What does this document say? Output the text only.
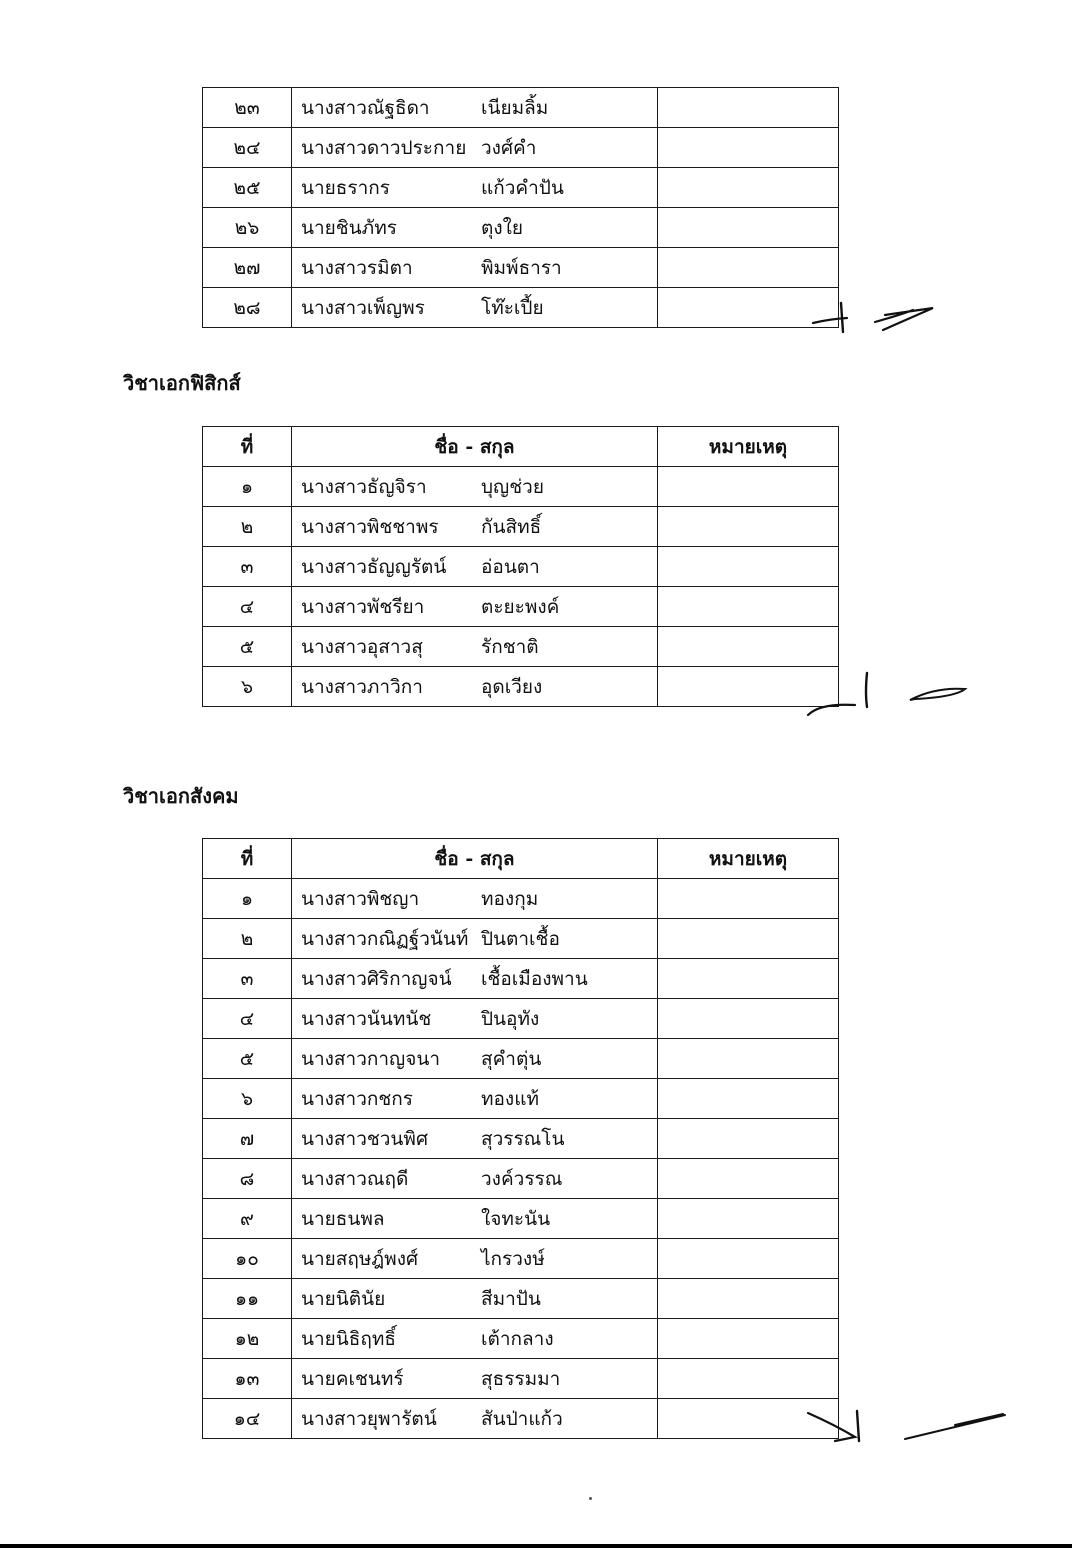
๒๓	นางสาวณัฐธิดา เนียมลิ้ม	

๒๔	นางสาวดาวประกาย วงศ์คำ	

๒๕	นายธรากร แก้วคำปัน	

๒๖	นายชินภัทร ตุงใย	

๒๗	นางสาวรมิตา พิมพ์ธารา	

๒๘	นางสาวเพ็ญพร โท๊ะเปี้ย	

วิชาเอกฟิสิกส์
ที่	ชื่อ - สกุล	หมายเหตุ
๑	นางสาวธัญจิรา บุญช่วย	

๒	นางสาวพิชชาพร กันสิทธิ์	

๓	นางสาวธัญญรัตน์ อ่อนตา	

๔	นางสาวพัชรียา ตะยะพงค์	

๕	นางสาวอุสาวสุ รักชาติ	

๖	นางสาวภาวิกา อุดเวียง	

วิชาเอกสังคม
ที่	ชื่อ - สกุล	หมายเหตุ
๑	นางสาวพิชญา ทองกุม	

๒	นางสาวกณิฏฐ์วนันท์ ปินตาเชื้อ	

๓	นางสาวศิริกาญจน์ เชื้อเมืองพาน	

๔	นางสาวนันทนัช ปินอุทัง	

๕	นางสาวกาญจนา สุคำตุ่น	

๖	นางสาวกชกร ทองแท้	

๗	นางสาวชวนพิศ สุวรรณโน	

๘	นางสาวณฤดี วงค์วรรณ	

๙	นายธนพล ใจทะนัน	

๑๐	นายสฤษฎ์พงศ์ ไกรวงษ์	

๑๑	นายนิตินัย สีมาปัน	

๑๒	นายนิธิฤทธิ์ เต้ากลาง	

๑๓	นายคเชนทร์ สุธรรมมา	

๑๔	นางสาวยุพารัตน์ สันป่าแก้ว	
